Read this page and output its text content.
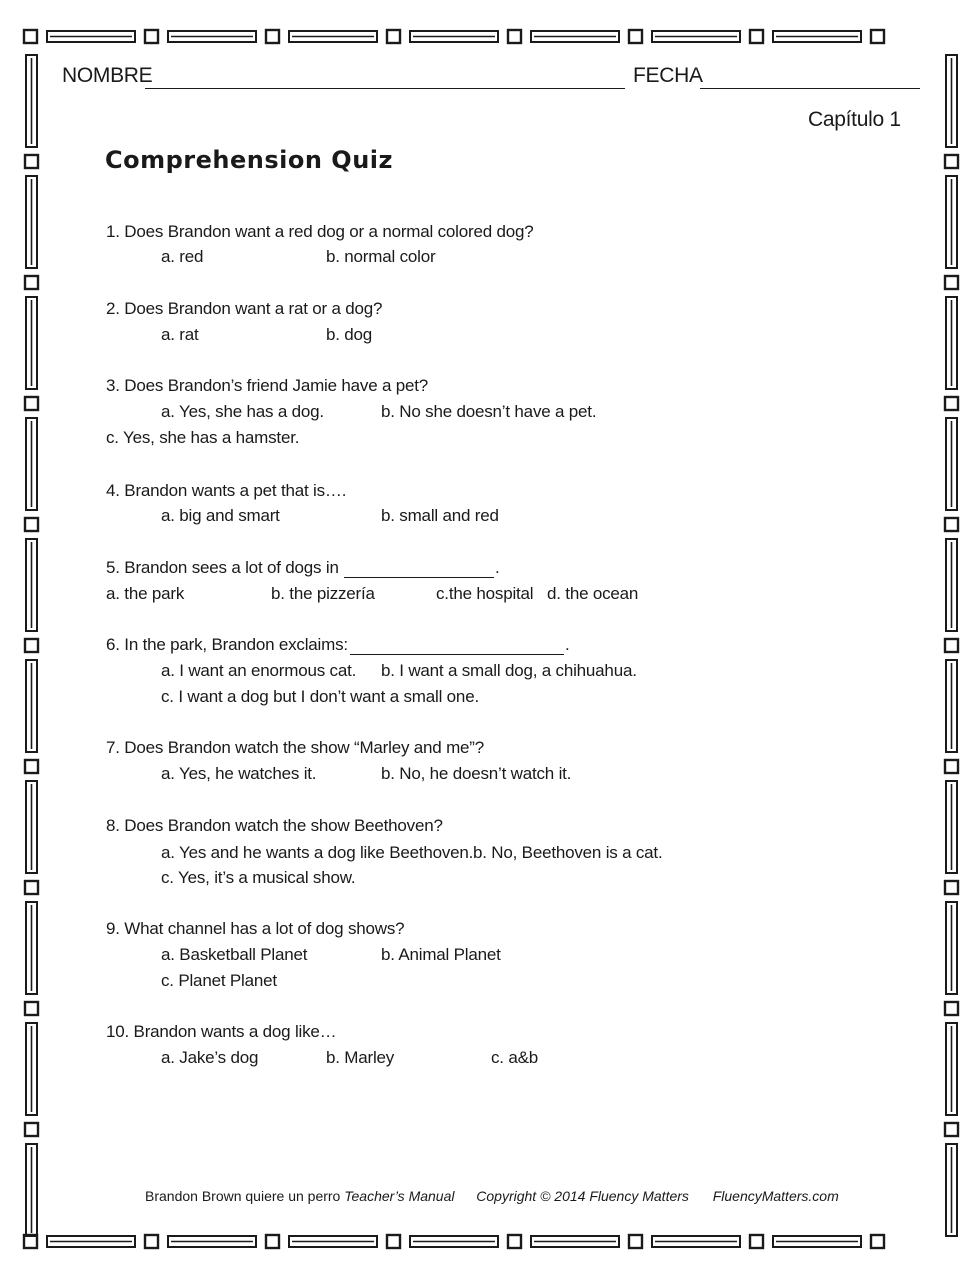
NOMBRE	FECHA
Capítulo 1
Comprehension Quiz
1. Does Brandon want a red dog or a normal colored dog?
a. red	b. normal color
2. Does Brandon want a rat or a dog?
a. rat	b. dog
3. Does Brandon’s friend Jamie have a pet?
a. Yes, she has a dog.	b. No she doesn’t have a pet.
c. Yes, she has a hamster.
4. Brandon wants a pet that is….
a. big and smart	b. small and red
5. Brandon sees a lot of dogs in	.
a. the park	b. the pizzería	c.the hospital d. the ocean
6. In the park, Brandon exclaims:	.
a. I want an enormous cat. b. I want a small dog, a chihuahua.
c. I want a dog but I don’t want a small one.
7. Does Brandon watch the show “Marley and me”?
a. Yes, he watches it.	b. No, he doesn’t watch it.
8. Does Brandon watch the show Beethoven?
a. Yes and he wants a dog like Beethoven. b. No, Beethoven is a cat.
c. Yes, it’s a musical show.
9. What channel has a lot of dog shows?
a. Basketball Planet	b. Animal Planet
c. Planet Planet
10. Brandon wants a dog like…
a. Jake’s dog	b. Marley	c. a&b
Brandon Brown quiere un perro Teacher’s Manual Copyright © 2014 Fluency Matters FluencyMatters.com
